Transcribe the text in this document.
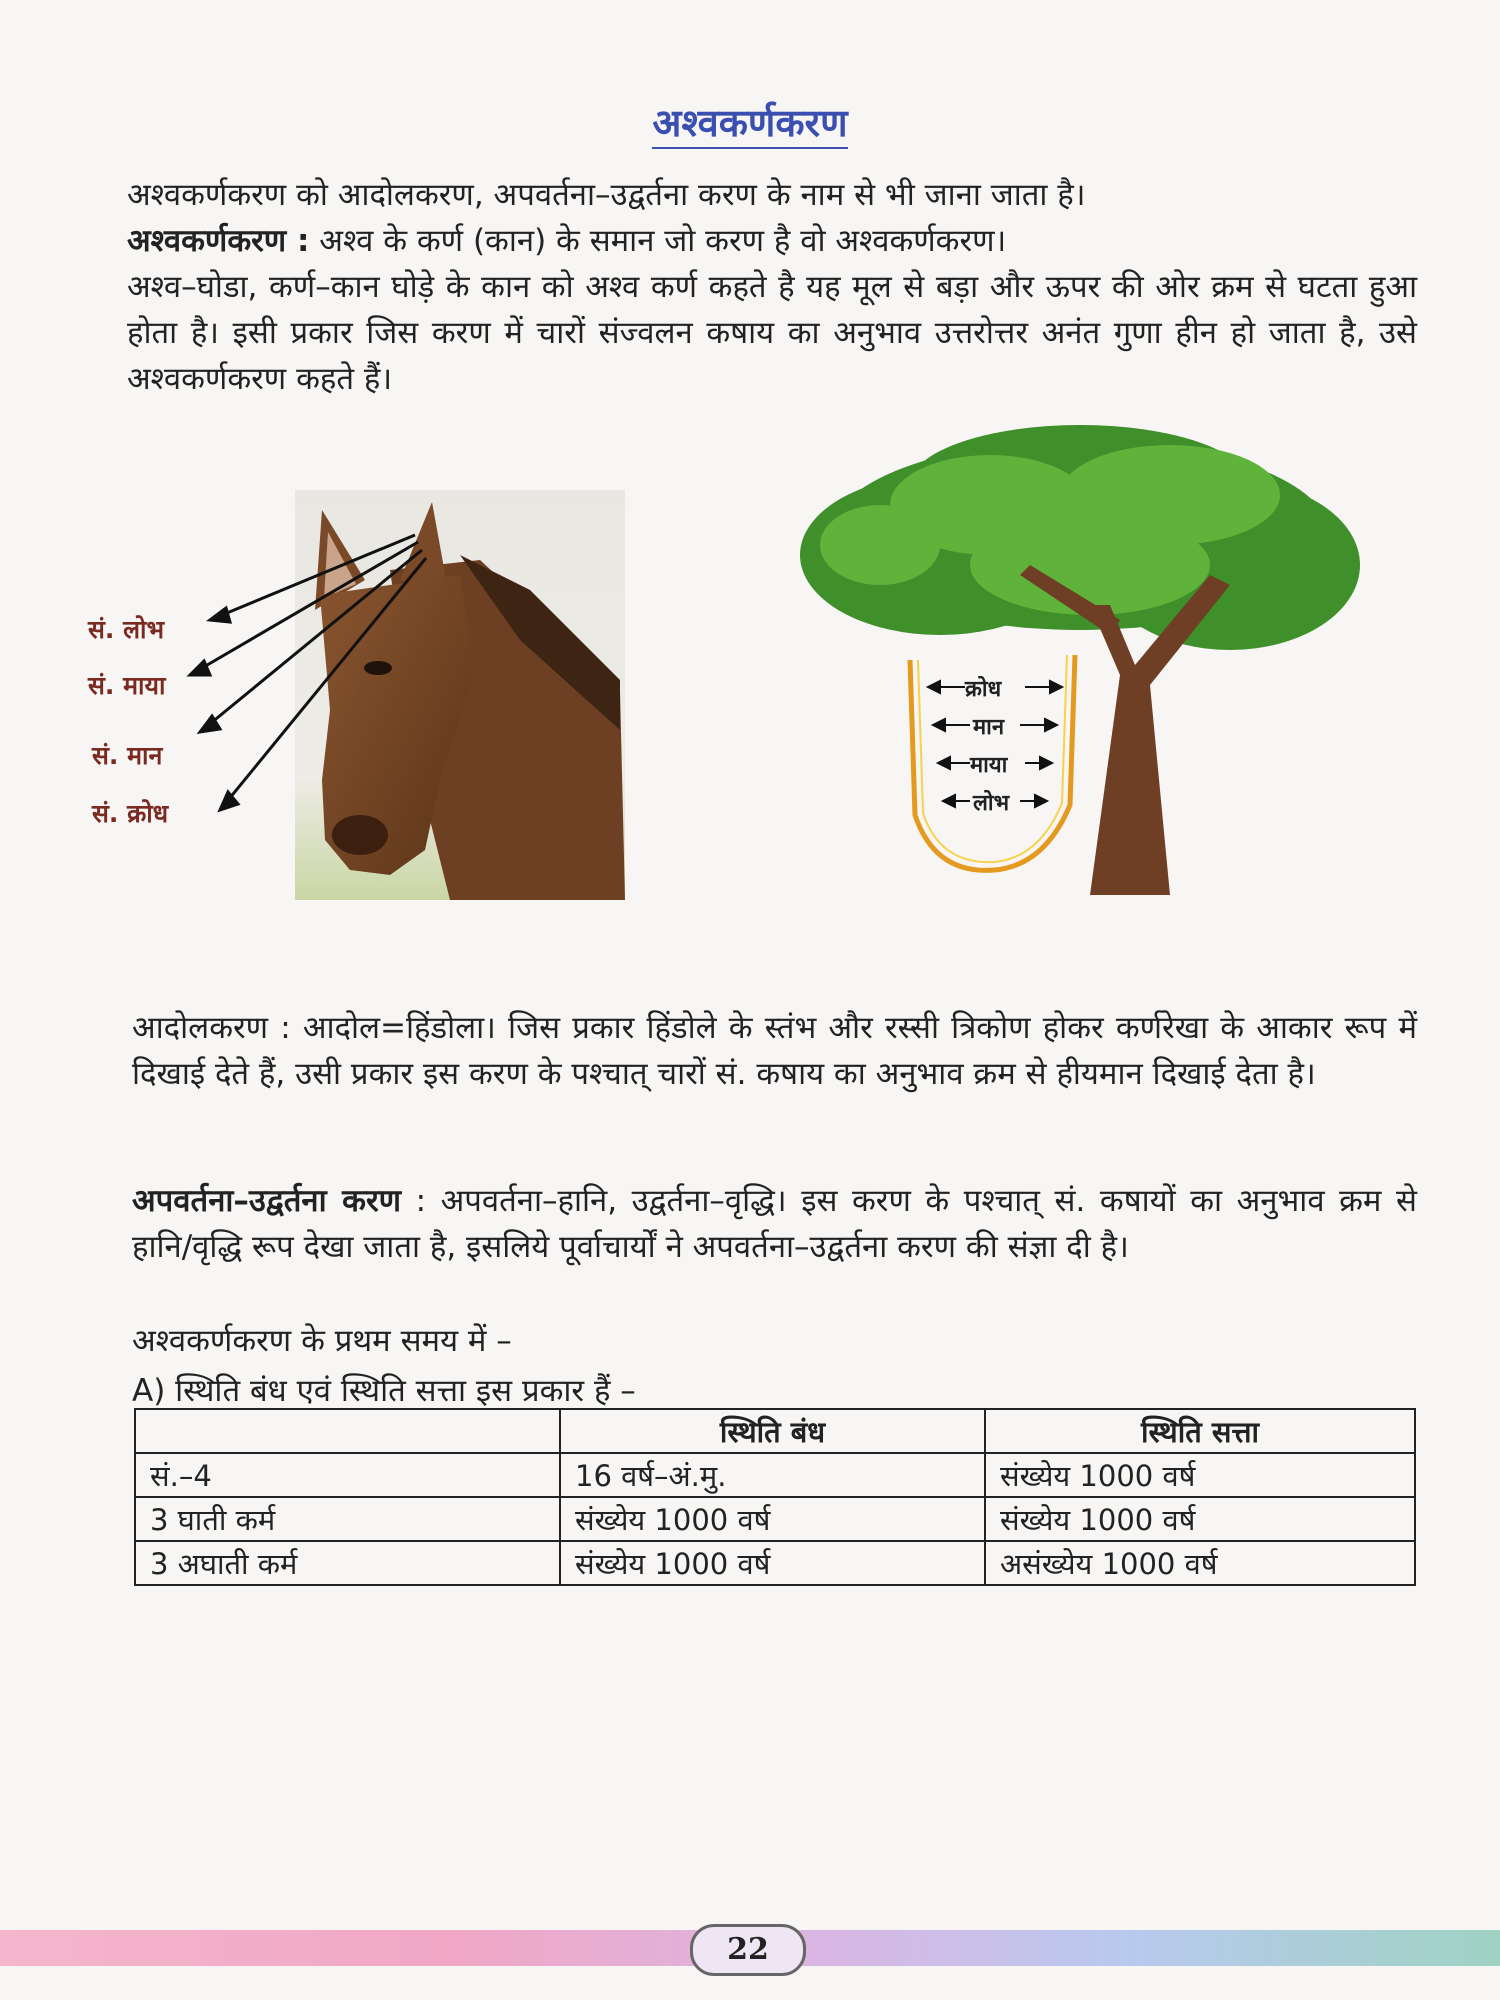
अश्वकर्णकरण
अश्वकर्णकरण को आदोलकरण, अपवर्तना–उद्वर्तना करण के नाम से भी जाना जाता है।
अश्वकर्णकरण : अश्व के कर्ण (कान) के समान जो करण है वो अश्वकर्णकरण।
अश्व–घोडा, कर्ण–कान घोड़े के कान को अश्व कर्ण कहते है यह मूल से बड़ा और ऊपर की ओर क्रम से घटता हुआ होता है। इसी प्रकार जिस करण में चारों संज्वलन कषाय का अनुभाव उत्तरोत्तर अनंत गुणा हीन हो जाता है, उसे अश्वकर्णकरण कहते हैं।
सं. लोभ
सं. माया
सं. मान
सं. क्रोध
क्रोध
मान
माया
लोभ
आदोलकरण : आदोल=हिंडोला। जिस प्रकार हिंडोले के स्तंभ और रस्सी त्रिकोण होकर कर्णरेखा के आकार रूप में दिखाई देते हैं, उसी प्रकार इस करण के पश्चात् चारों सं. कषाय का अनुभाव क्रम से हीयमान दिखाई देता है।
अपवर्तना–उद्वर्तना करण : अपवर्तना–हानि, उद्वर्तना–वृद्धि। इस करण के पश्चात् सं. कषायों का अनुभाव क्रम से हानि/वृद्धि रूप देखा जाता है, इसलिये पूर्वाचार्यों ने अपवर्तना–उद्वर्तना करण की संज्ञा दी है।
अश्वकर्णकरण के प्रथम समय में –
A) स्थिति बंध एवं स्थिति सत्ता इस प्रकार हैं –
	स्थिति बंध	स्थिति सत्ता
सं.–4	16 वर्ष–अं.मु.	संख्येय 1000 वर्ष
3 घाती कर्म	संख्येय 1000 वर्ष	संख्येय 1000 वर्ष
3 अघाती कर्म	संख्येय 1000 वर्ष	असंख्येय 1000 वर्ष
22
